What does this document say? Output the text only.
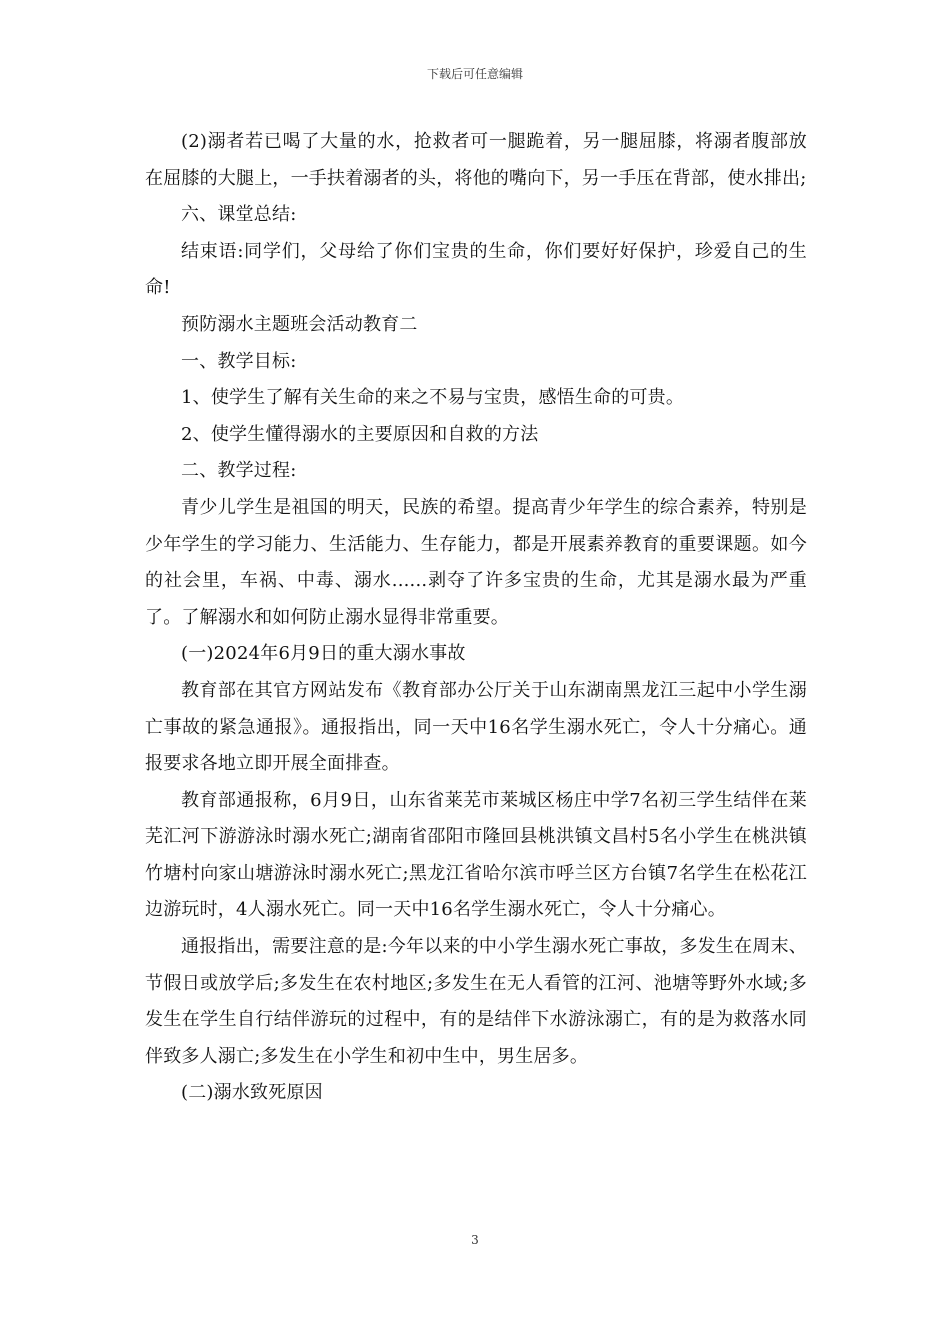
下载后可任意编辑

(2)溺者若已喝了大量的水，抢救者可一腿跪着，另一腿屈膝，将溺者腹部放在屈膝的大腿上，一手扶着溺者的头，将他的嘴向下，另一手压在背部，使水排出;

六、课堂总结:

结束语:同学们，父母给了你们宝贵的生命，你们要好好保护，珍爱自己的生命!

预防溺水主题班会活动教育二

一、教学目标:

1、使学生了解有关生命的来之不易与宝贵，感悟生命的可贵。

2、使学生懂得溺水的主要原因和自救的方法

二、教学过程:

青少儿学生是祖国的明天，民族的希望。提高青少年学生的综合素养，特别是少年学生的学习能力、生活能力、生存能力，都是开展素养教育的重要课题。如今的社会里，车祸、中毒、溺水......剥夺了许多宝贵的生命，尤其是溺水最为严重了。了解溺水和如何防止溺水显得非常重要。

(一)2024年6月9日的重大溺水事故

教育部在其官方网站发布《教育部办公厅关于山东湖南黑龙江三起中小学生溺亡事故的紧急通报》。通报指出，同一天中16名学生溺水死亡，令人十分痛心。通报要求各地立即开展全面排查。

教育部通报称，6月9日，山东省莱芜市莱城区杨庄中学7名初三学生结伴在莱芜汇河下游游泳时溺水死亡;湖南省邵阳市隆回县桃洪镇文昌村5名小学生在桃洪镇竹塘村向家山塘游泳时溺水死亡;黑龙江省哈尔滨市呼兰区方台镇7名学生在松花江边游玩时，4人溺水死亡。同一天中16名学生溺水死亡，令人十分痛心。

通报指出，需要注意的是:今年以来的中小学生溺水死亡事故，多发生在周末、节假日或放学后;多发生在农村地区;多发生在无人看管的江河、池塘等野外水域;多发生在学生自行结伴游玩的过程中，有的是结伴下水游泳溺亡，有的是为救落水同伴致多人溺亡;多发生在小学生和初中生中，男生居多。

(二)溺水致死原因

3
